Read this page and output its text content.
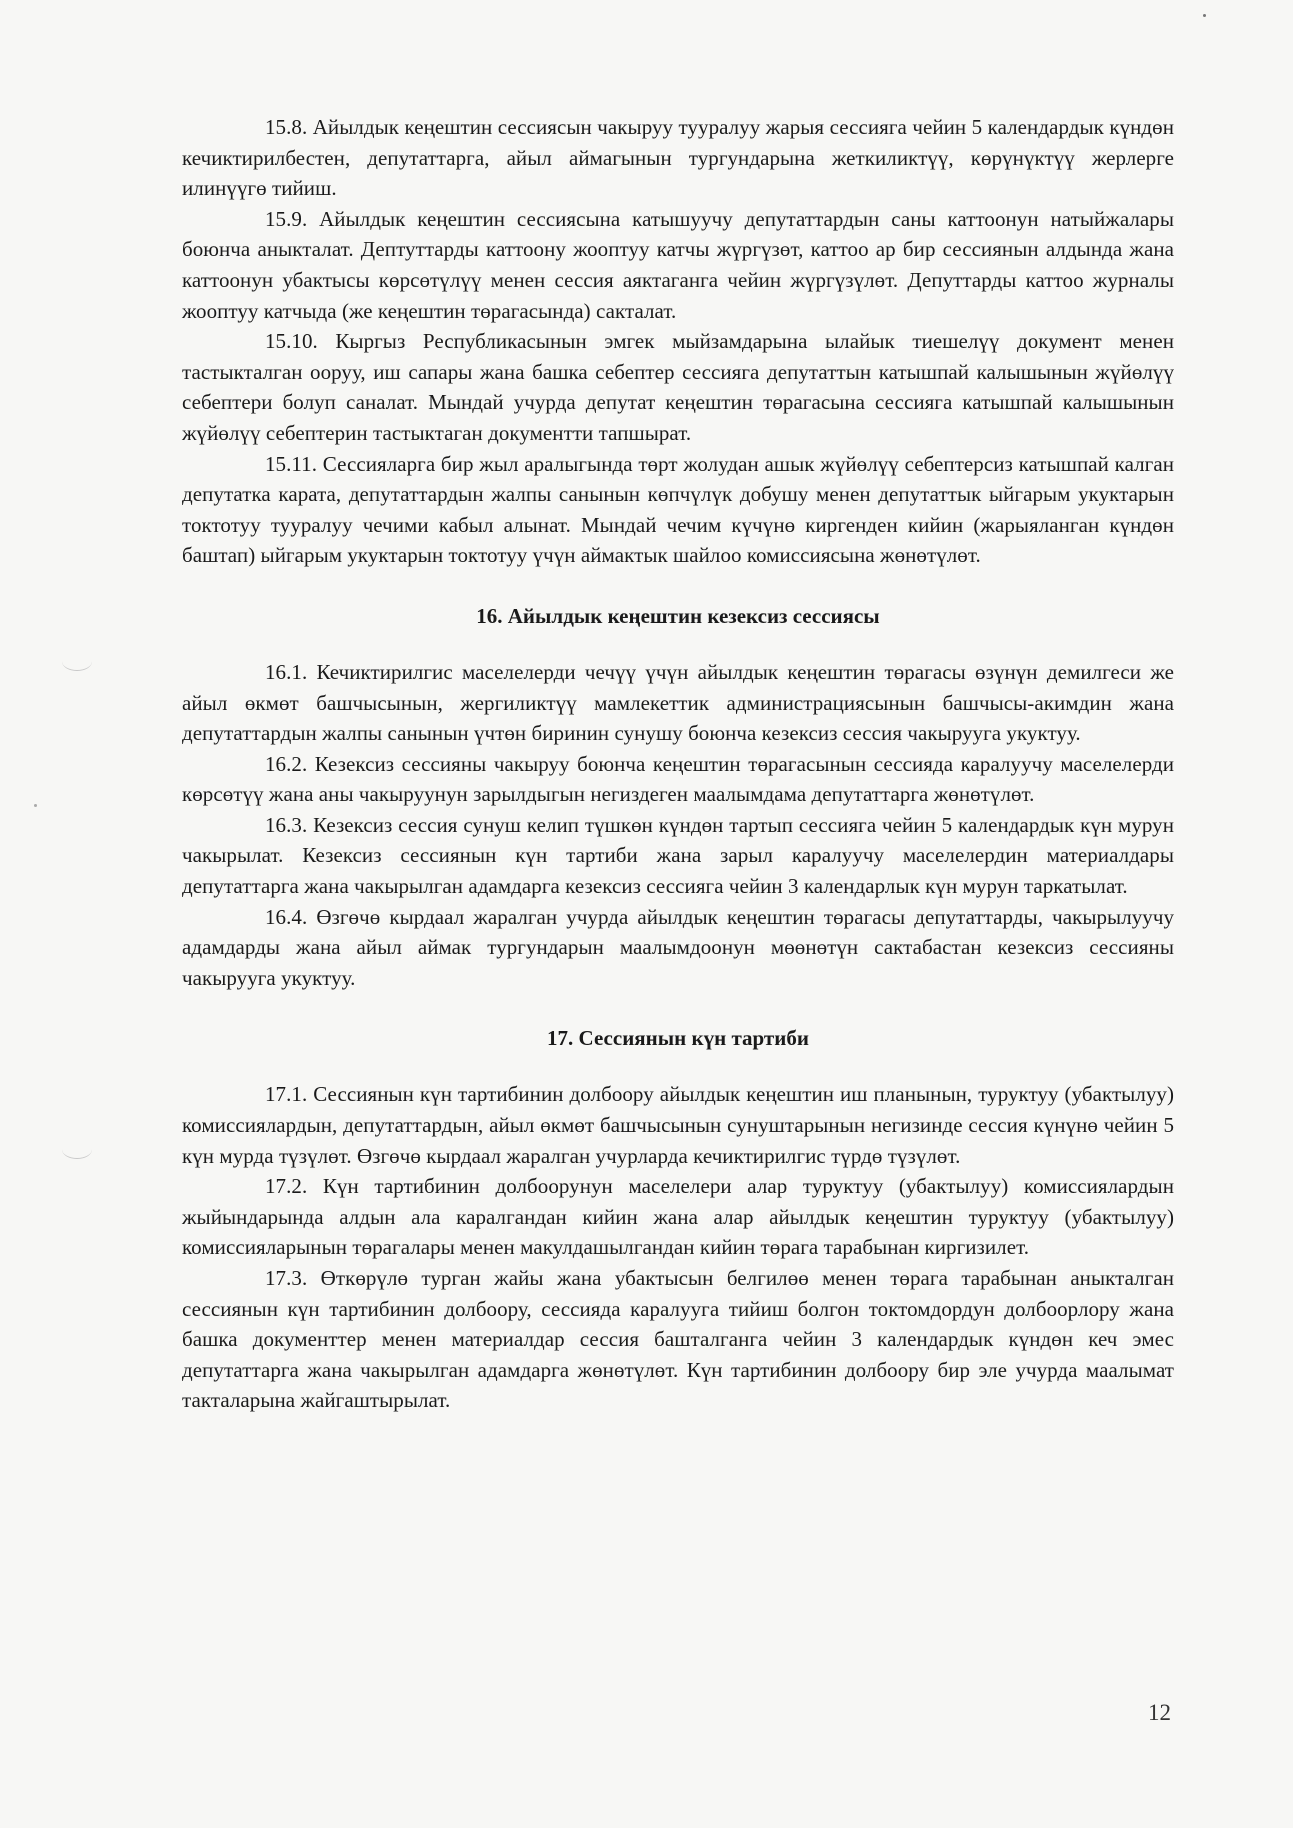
15.8. Айылдык кеңештин сессиясын чакыруу тууралуу жарыя сессияга чейин 5 календардык күндөн кечиктирилбестен, депутаттарга, айыл аймагынын тургундарына жеткиликтүү, көрүнүктүү жерлерге илинүүгө тийиш.

15.9. Айылдык кеңештин сессиясына катышуучу депутаттардын саны каттоонун натыйжалары боюнча аныкталат. Дептуттарды каттоону жооптуу катчы жүргүзөт, каттоо ар бир сессиянын алдында жана каттоонун убактысы көрсөтүлүү менен сессия аяктаганга чейин жүргүзүлөт. Депуттарды каттоо журналы жооптуу катчыда (же кеңештин төрагасында) сакталат.

15.10. Кыргыз Республикасынын эмгек мыйзамдарына ылайык тиешелүү документ менен тастыкталган ооруу, иш сапары жана башка себептер сессияга депутаттын катышпай калышынын жүйөлүү себептери болуп саналат. Мындай учурда депутат кеңештин төрагасына сессияга катышпай калышынын жүйөлүү себептерин тастыктаган документти тапшырат.

15.11. Сессияларга бир жыл аралыгында төрт жолудан ашык жүйөлүү себептерсиз катышпай калган депутатка карата, депутаттардын жалпы санынын көпчүлүк добушу менен депутаттык ыйгарым укуктарын токтотуу тууралуу чечими кабыл алынат. Мындай чечим күчүнө киргенден кийин (жарыяланган күндөн баштап) ыйгарым укуктарын токтотуу үчүн аймактык шайлоо комиссиясына жөнөтүлөт.

16. Айылдык кеңештин кезексиз сессиясы

16.1. Кечиктирилгис маселелерди чечүү үчүн айылдык кеңештин төрагасы өзүнүн демилгеси же айыл өкмөт башчысынын, жергиликтүү мамлекеттик администрациясынын башчысы-акимдин жана депутаттардын жалпы санынын үчтөн биринин сунушу боюнча кезексиз сессия чакырууга укуктуу.

16.2. Кезексиз сессияны чакыруу боюнча кеңештин төрагасынын сессияда каралуучу маселелерди көрсөтүү жана аны чакыруунун зарылдыгын негиздеген маалымдама депутаттарга жөнөтүлөт.

16.3. Кезексиз сессия сунуш келип түшкөн күндөн тартып сессияга чейин 5 календардык күн мурун чакырылат. Кезексиз сессиянын күн тартиби жана зарыл каралуучу маселелердин материалдары депутаттарга жана чакырылган адамдарга кезексиз сессияга чейин 3 календарлык күн мурун таркатылат.

16.4. Өзгөчө кырдаал жаралган учурда айылдык кеңештин төрагасы депутаттарды, чакырылуучу адамдарды жана айыл аймак тургундарын маалымдоонун мөөнөтүн сактабастан кезексиз сессияны чакырууга укуктуу.

17. Сессиянын күн тартиби

17.1. Сессиянын күн тартибинин долбоору айылдык кеңештин иш планынын, туруктуу (убактылуу) комиссиялардын, депутаттардын, айыл өкмөт башчысынын сунуштарынын негизинде сессия күнүнө чейин 5 күн мурда түзүлөт. Өзгөчө кырдаал жаралган учурларда кечиктирилгис түрдө түзүлөт.

17.2. Күн тартибинин долбоорунун маселелери алар туруктуу (убактылуу) комиссиялардын жыйындарында алдын ала каралгандан кийин жана алар айылдык кеңештин туруктуу (убактылуу) комиссияларынын төрагалары менен макулдашылгандан кийин төрага тарабынан киргизилет.

17.3. Өткөрүлө турган жайы жана убактысын белгилөө менен төрага тарабынан аныкталган сессиянын күн тартибинин долбоору, сессияда каралууга тийиш болгон токтомдордун долбоорлору жана башка документтер менен материалдар сессия башталганга чейин 3 календардык күндөн кеч эмес депутаттарга жана чакырылган адамдарга жөнөтүлөт. Күн тартибинин долбоору бир эле учурда маалымат такталарына жайгаштырылат.

12
